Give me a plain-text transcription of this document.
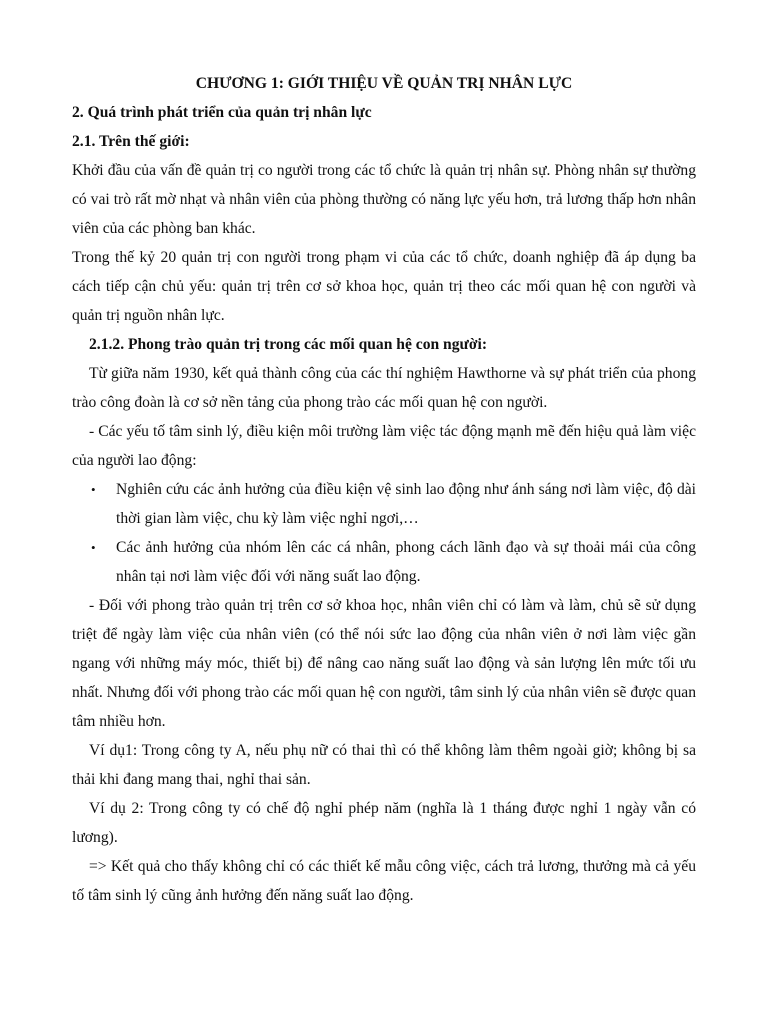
CHƯƠNG 1: GIỚI THIỆU VỀ QUẢN TRỊ NHÂN LỰC
2. Quá trình phát triển của quản trị nhân lực
2.1. Trên thế giới:

Khởi đầu của vấn đề quản trị co người trong các tổ chức là quản trị nhân sự. Phòng nhân sự thường có vai trò rất mờ nhạt và nhân viên của phòng thường có năng lực yếu hơn, trả lương thấp hơn nhân viên của các phòng ban khác.

Trong thế kỷ 20 quản trị con người trong phạm vi của các tổ chức, doanh nghiệp đã áp dụng ba cách tiếp cận chủ yếu: quản trị trên cơ sở khoa học, quản trị theo các mối quan hệ con người và quản trị nguồn nhân lực.

2.1.2. Phong trào quản trị trong các mối quan hệ con người:

Từ giữa năm 1930, kết quả thành công của các thí nghiệm Hawthorne và sự phát triển của phong trào công đoàn là cơ sở nền tảng của phong trào các mối quan hệ con người.

- Các yếu tố tâm sinh lý, điều kiện môi trường làm việc tác động mạnh mẽ đến hiệu quả làm việc của người lao động:

• Nghiên cứu các ảnh hưởng của điều kiện vệ sinh lao động như ánh sáng nơi làm việc, độ dài thời gian làm việc, chu kỳ làm việc nghỉ ngơi,…
• Các ảnh hưởng của nhóm lên các cá nhân, phong cách lãnh đạo và sự thoải mái của công nhân tại nơi làm việc đối với năng suất lao động.

- Đối với phong trào quản trị trên cơ sở khoa học, nhân viên chỉ có làm và làm, chủ sẽ sử dụng triệt để ngày làm việc của nhân viên (có thể nói sức lao động của nhân viên ở nơi làm việc gần ngang với những máy móc, thiết bị) để nâng cao năng suất lao động và sản lượng lên mức tối ưu nhất. Nhưng đối với phong trào các mối quan hệ con người, tâm sinh lý của nhân viên sẽ được quan tâm nhiều hơn.

Ví dụ1: Trong công ty A, nếu phụ nữ có thai thì có thể không làm thêm ngoài giờ; không bị sa thải khi đang mang thai, nghỉ thai sản.

Ví dụ 2: Trong công ty có chế độ nghỉ phép năm (nghĩa là 1 tháng được nghỉ 1 ngày vẫn có lương).

=> Kết quả cho thấy không chỉ có các thiết kế mẫu công việc, cách trả lương, thưởng mà cả yếu tố tâm sinh lý cũng ảnh hưởng đến năng suất lao động.
